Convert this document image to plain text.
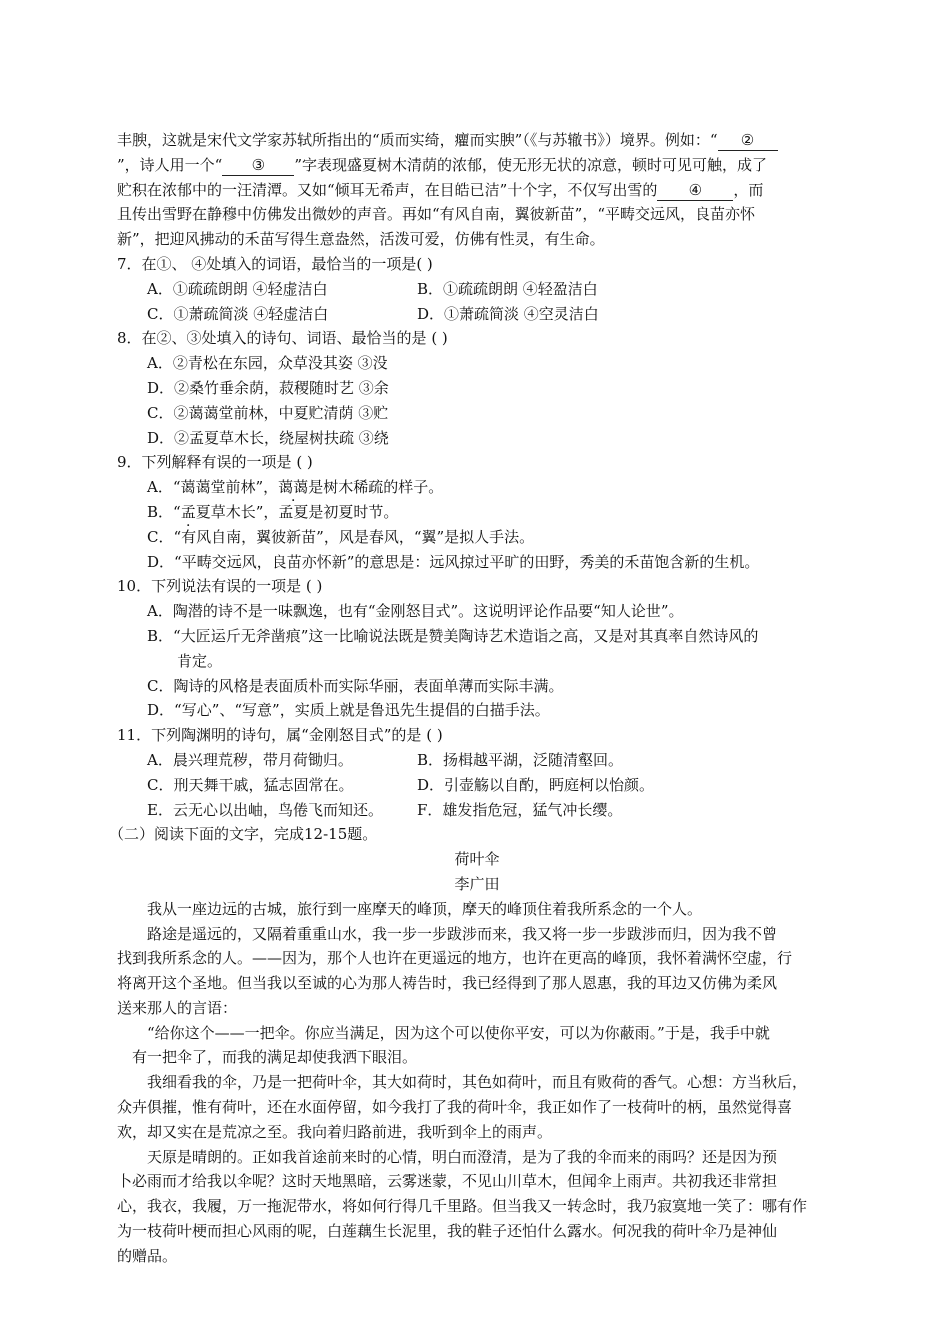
丰腴，这就是宋代文学家苏轼所指出的“质而实绮，癯而实腴”（《与苏辙书》）境界。例如：“ ②
”，诗人用一个“ ③ ”字表现盛夏树木清荫的浓郁，使无形无状的凉意，顿时可见可触，成了
贮积在浓郁中的一汪清潭。又如“倾耳无希声，在目皓已洁”十个字，不仅写出雪的 ④ ，而
且传出雪野在静穆中仿佛发出微妙的声音。再如“有风自南，翼彼新苗”，“平畴交远风，良苗亦怀
新”，把迎风拂动的禾苗写得生意盎然，活泼可爱，仿佛有性灵，有生命。
7．在①、 ④处填入的词语，最恰当的一项是( )
A．①疏疏朗朗 ④轻虚洁白	B．①疏疏朗朗 ④轻盈洁白
C．①萧疏简淡 ④轻虚洁白	D．①萧疏简淡 ④空灵洁白
8．在②、③处填入的诗句、词语、最恰当的是 ( )
A．②青松在东园，众草没其姿 ③没
D．②桑竹垂余荫，菽稷随时艺 ③余
C．②蔼蔼堂前林，中夏贮清荫 ③贮
D．②孟夏草木长，绕屋树扶疏 ③绕
9．下列解释有误的一项是 ( )
A．“蔼蔼堂前林”，蔼蔼是树木稀疏的样子。
B．“孟夏草木长”，孟夏是初夏时节。
C．“有风自南，翼彼新苗”，风是春风，“翼”是拟人手法。
D．“平畴交远风，良苗亦怀新”的意思是：远风掠过平旷的田野，秀美的禾苗饱含新的生机。
10．下列说法有误的一项是 ( )
A．陶潜的诗不是一味飘逸，也有“金刚怒目式”。这说明评论作品要“知人论世”。
B．“大匠运斤无斧凿痕”这一比喻说法既是赞美陶诗艺术造诣之高，又是对其真率自然诗风的
肯定。
C．陶诗的风格是表面质朴而实际华丽，表面单薄而实际丰满。
D．“写心”、“写意”，实质上就是鲁迅先生提倡的白描手法。
11．下列陶渊明的诗句，属“金刚怒目式”的是 ( )
A．晨兴理荒秽，带月荷锄归。	B．扬楫越平湖，泛随清壑回。
C．刑天舞干戚，猛志固常在。	D．引壶觞以自酌，眄庭柯以怡颜。
E．云无心以出岫，鸟倦飞而知还。 F．雄发指危冠，猛气冲长缨。
（二）阅读下面的文字，完成12-15题。
荷叶伞
李广田
我从一座边远的古城，旅行到一座摩天的峰顶，摩天的峰顶住着我所系念的一个人。
路途是遥远的，又隔着重重山水，我一步一步跋涉而来，我又将一步一步跋涉而归，因为我不曾
找到我所系念的人。——因为，那个人也许在更遥远的地方，也许在更高的峰顶，我怀着满怀空虚，行
将离开这个圣地。但当我以至诚的心为那人祷告时，我已经得到了那人恩惠，我的耳边又仿佛为柔风
送来那人的言语：
“给你这个——一把伞。你应当满足，因为这个可以使你平安，可以为你蔽雨。”于是，我手中就
有一把伞了，而我的满足却使我洒下眼泪。
我细看我的伞，乃是一把荷叶伞，其大如荷时，其色如荷叶，而且有败荷的香气。心想：方当秋后，
众卉俱摧，惟有荷叶，还在水面停留，如今我打了我的荷叶伞，我正如作了一枝荷叶的柄，虽然觉得喜
欢，却又实在是荒凉之至。我向着归路前进，我听到伞上的雨声。
天原是晴朗的。正如我首途前来时的心情，明白而澄清，是为了我的伞而来的雨吗？还是因为预
卜必雨而才给我以伞呢？这时天地黑暗，云雾迷蒙，不见山川草木，但闻伞上雨声。共初我还非常担
心，我衣，我履，万一拖泥带水，将如何行得几千里路。但当我又一转念时，我乃寂寞地一笑了：哪有作
为一枝荷叶梗而担心风雨的呢，白莲藕生长泥里，我的鞋子还怕什么露水。何况我的荷叶伞乃是神仙
的赠品。
